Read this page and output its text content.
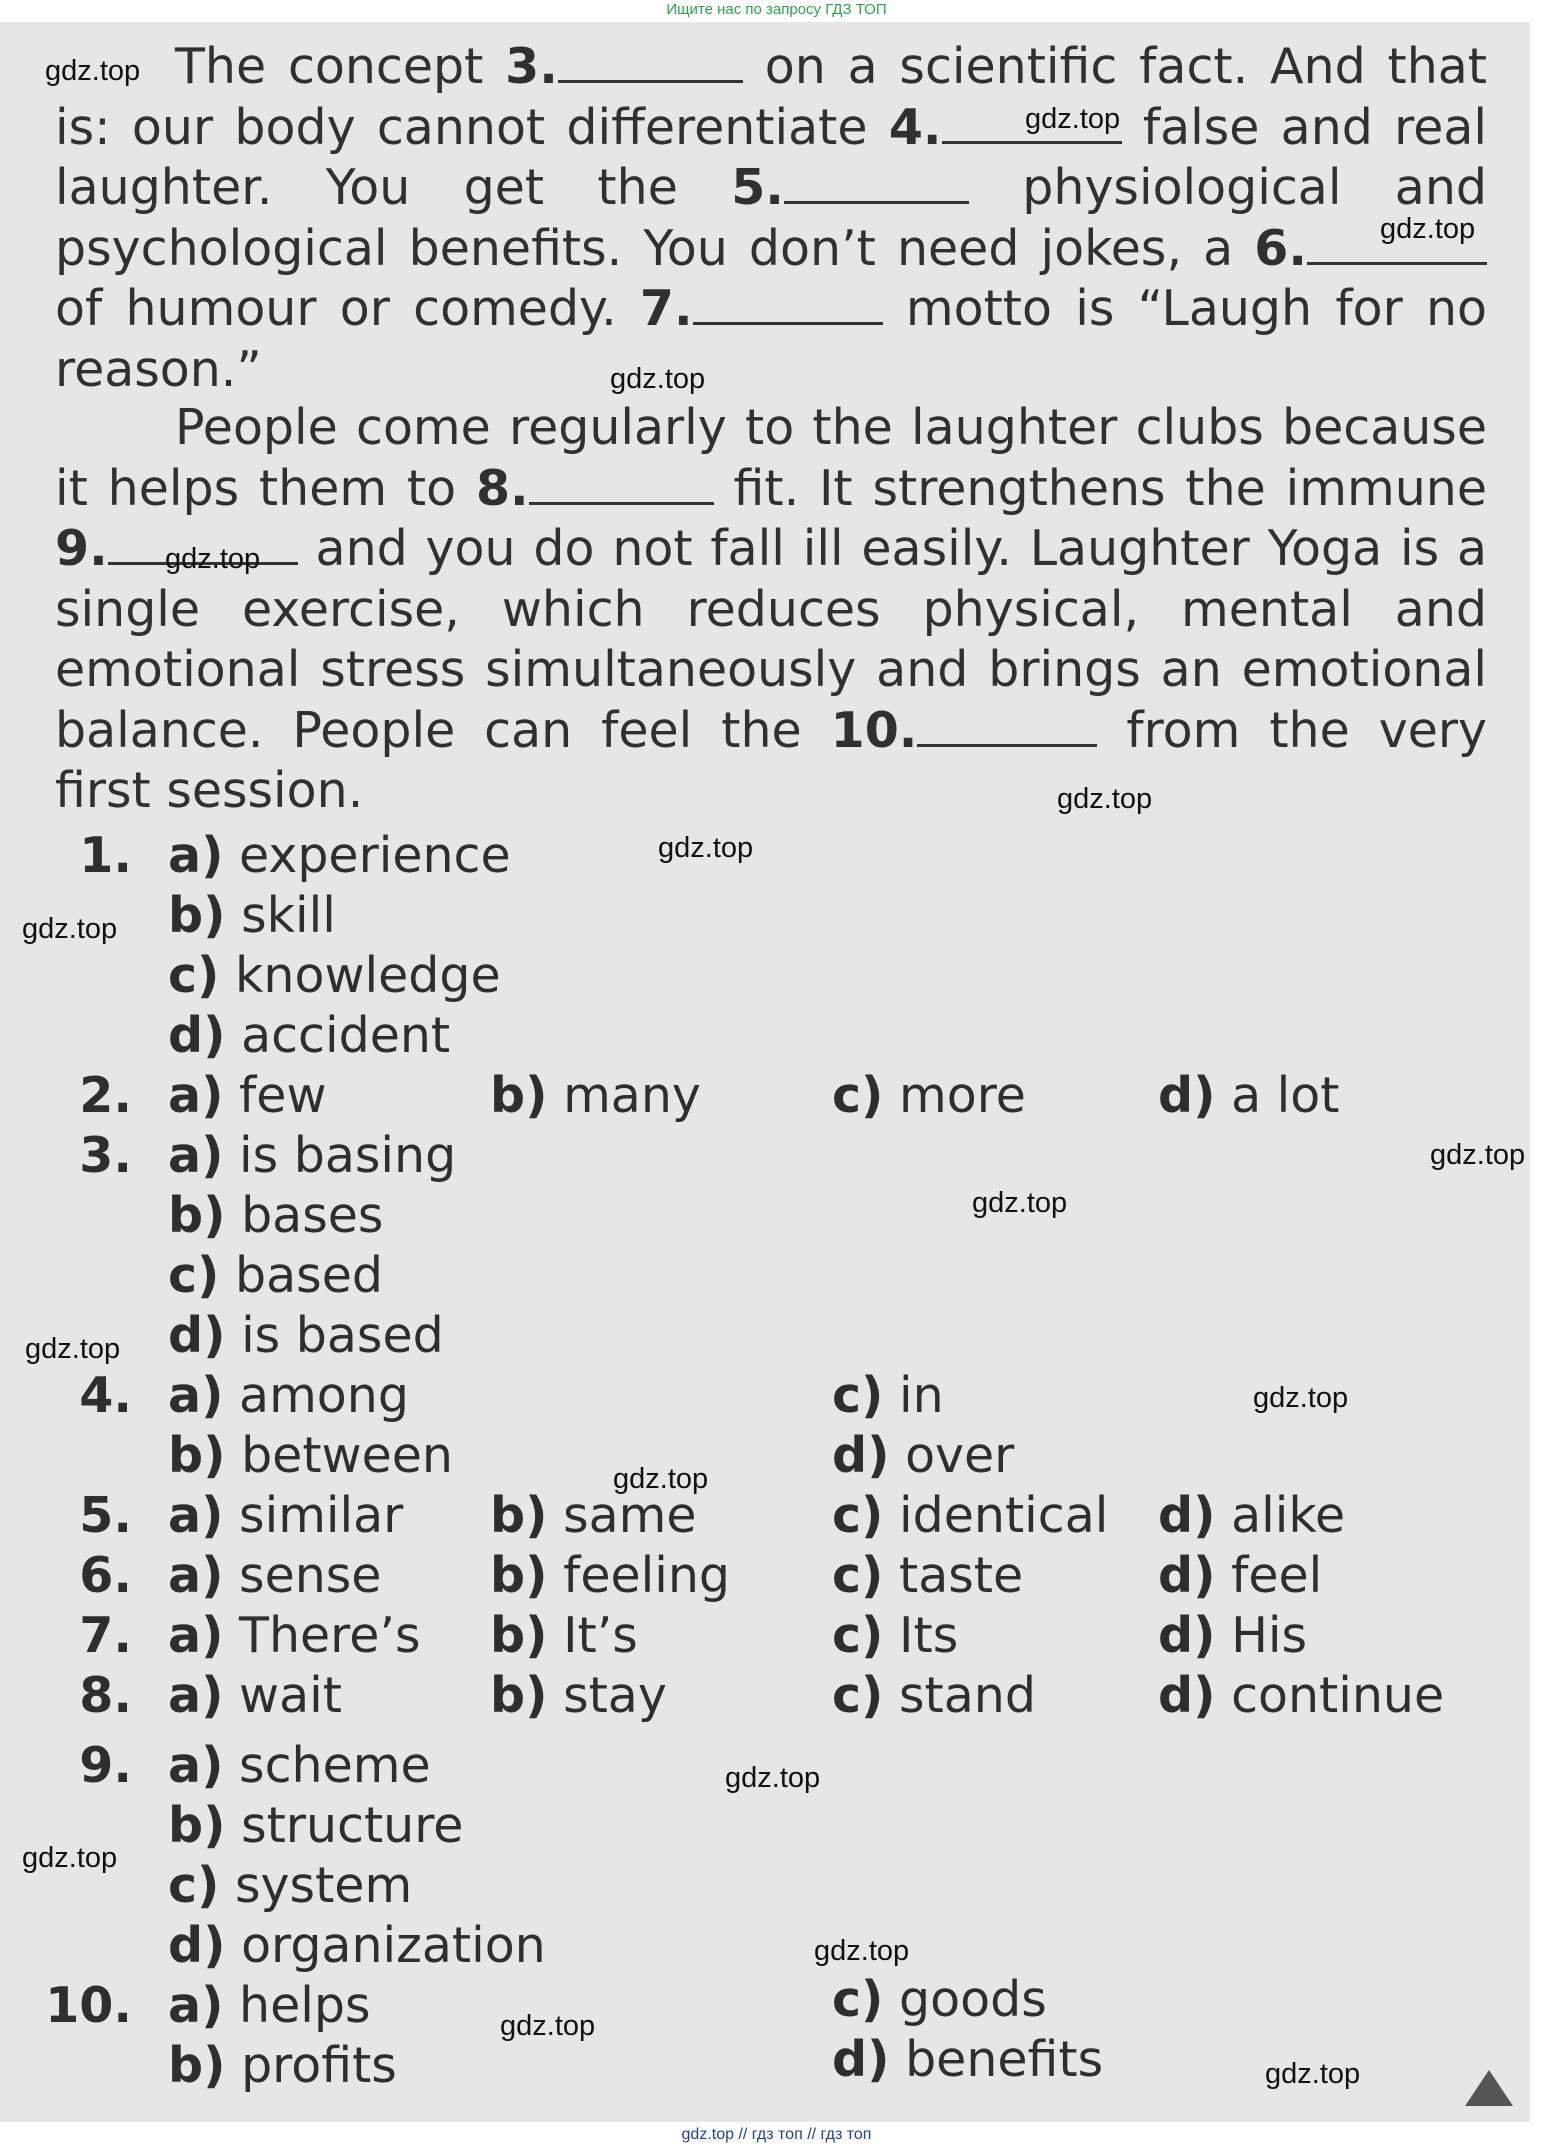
Ищите нас по запросу ГДЗ ТОП
The concept 3.	on a scientific fact. And that is: our body cannot differentiate 4.	false and real laughter. You get the 5.	physiological and psychological benefits. You don’t need jokes, a 6. of humour or comedy. 7.	motto is “Laugh for no reason.”
People come regularly to the laughter clubs because it helps them to 8.	fit. It strengthens the immune 9.	and you do not fall ill easily. Laughter Yoga is a single exercise, which reduces physical, mental and emotional stress simultaneously and brings an emotional balance. People can feel the 10.	from the very first session.
1. a) experience
b) skill
c) knowledge
d) accident
2. a) few	b) many	c) more	d) a lot
3. a) is basing
b) bases
c) based
d) is based
4. a) among
b) between
c) in
d) over
5. a) similar b) same	c) identical d) alike
6. a) sense b) feeling c) taste	d) feel
7. a) There’s b) It’s	c) Its	d) His
8. a) wait	b) stay	c) stand d) continue
9. a) scheme
b) structure
c) system
d) organization
10. a) helps
b) profits
c) goods
d) benefits
gdz.top
gdz.top
gdz.top
gdz.top
gdz.top
gdz.top
gdz.top
gdz.top
gdz.top
gdz.top
gdz.top
gdz.top
gdz.top
gdz.top
gdz.top
gdz.top
gdz.top
gdz.top
gdz.top // гдз топ // гдз топ
